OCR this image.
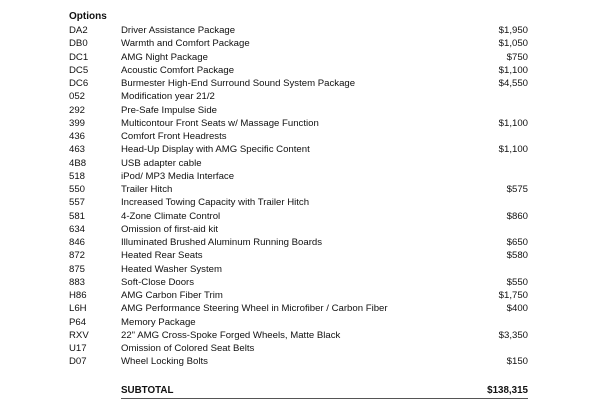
Options
DA2	Driver Assistance Package	$1,950
DB0	Warmth and Comfort Package	$1,050
DC1	AMG Night Package	$750
DC5	Acoustic Comfort Package	$1,100
DC6	Burmester High-End Surround Sound System Package	$4,550
052	Modification year 21/2
292	Pre-Safe Impulse Side
399	Multicontour Front Seats w/ Massage Function	$1,100
436	Comfort Front Headrests
463	Head-Up Display with AMG Specific Content	$1,100
4B8	USB adapter cable
518	iPod/ MP3 Media Interface
550	Trailer Hitch	$575
557	Increased Towing Capacity with Trailer Hitch
581	4-Zone Climate Control	$860
634	Omission of first-aid kit
846	Illuminated Brushed Aluminum Running Boards	$650
872	Heated Rear Seats	$580
875	Heated Washer System
883	Soft-Close Doors	$550
H86	AMG Carbon Fiber Trim	$1,750
L6H	AMG Performance Steering Wheel in Microfiber / Carbon Fiber	$400
P64	Memory Package
RXV	22" AMG Cross-Spoke Forged Wheels, Matte Black	$3,350
U17	Omission of Colored Seat Belts
D07	Wheel Locking Bolts	$150
SUBTOTAL	$138,315
